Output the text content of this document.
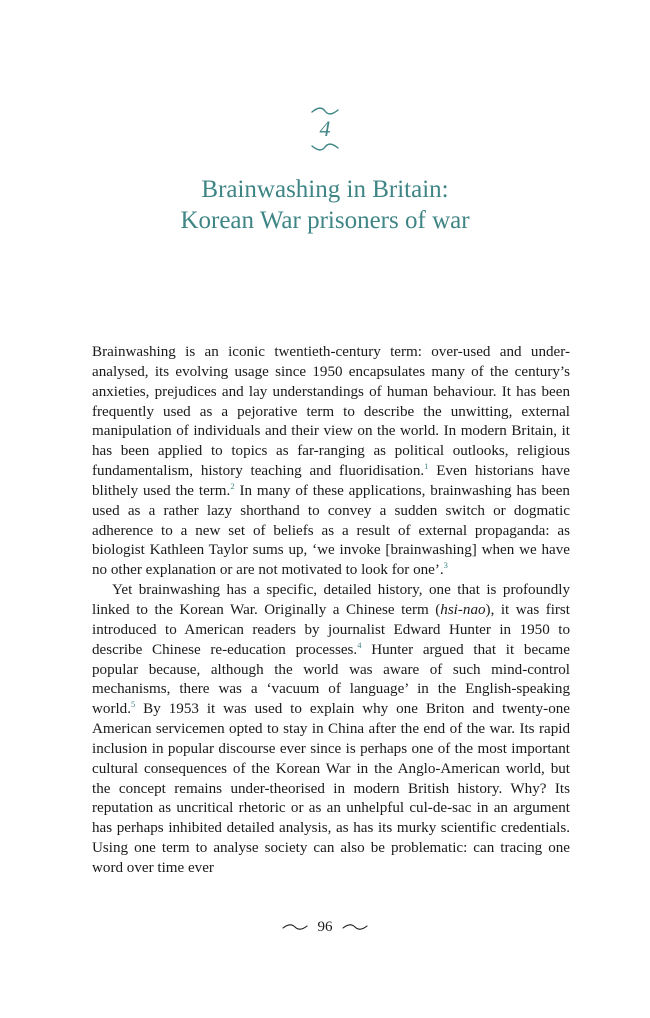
4
Brainwashing in Britain:
Korean War prisoners of war

Brainwashing is an iconic twentieth-century term: over-used and under-analysed, its evolving usage since 1950 encapsulates many of the century’s anxieties, prejudices and lay understandings of human behaviour. It has been frequently used as a pejorative term to describe the unwitting, external manipulation of individuals and their view on the world. In modern Britain, it has been applied to topics as far-ranging as political outlooks, religious fundamentalism, history teaching and fluoridisation.$^1$ Even historians have blithely used the term.$^2$ In many of these applications, brainwashing has been used as a rather lazy shorthand to convey a sudden switch or dogmatic adherence to a new set of beliefs as a result of external propaganda: as biologist Kathleen Taylor sums up, ‘we invoke [brainwashing] when we have no other explanation or are not motivated to look for one’.$^3$

Yet brainwashing has a specific, detailed history, one that is profoundly linked to the Korean War. Originally a Chinese term (hsi-nao), it was first introduced to American readers by journalist Edward Hunter in 1950 to describe Chinese re-education processes.$^4$ Hunter argued that it became popular because, although the world was aware of such mind-control mechanisms, there was a ‘vacuum of language’ in the English-speaking world.$^5$ By 1953 it was used to explain why one Briton and twenty-one American servicemen opted to stay in China after the end of the war. Its rapid inclusion in popular discourse ever since is perhaps one of the most important cultural consequences of the Korean War in the Anglo-American world, but the concept remains under-theorised in modern British history. Why? Its reputation as uncritical rhetoric or as an unhelpful cul-de-sac in an argument has perhaps inhibited detailed analysis, as has its murky scientific credentials. Using one term to analyse society can also be problematic: can tracing one word over time ever

96
